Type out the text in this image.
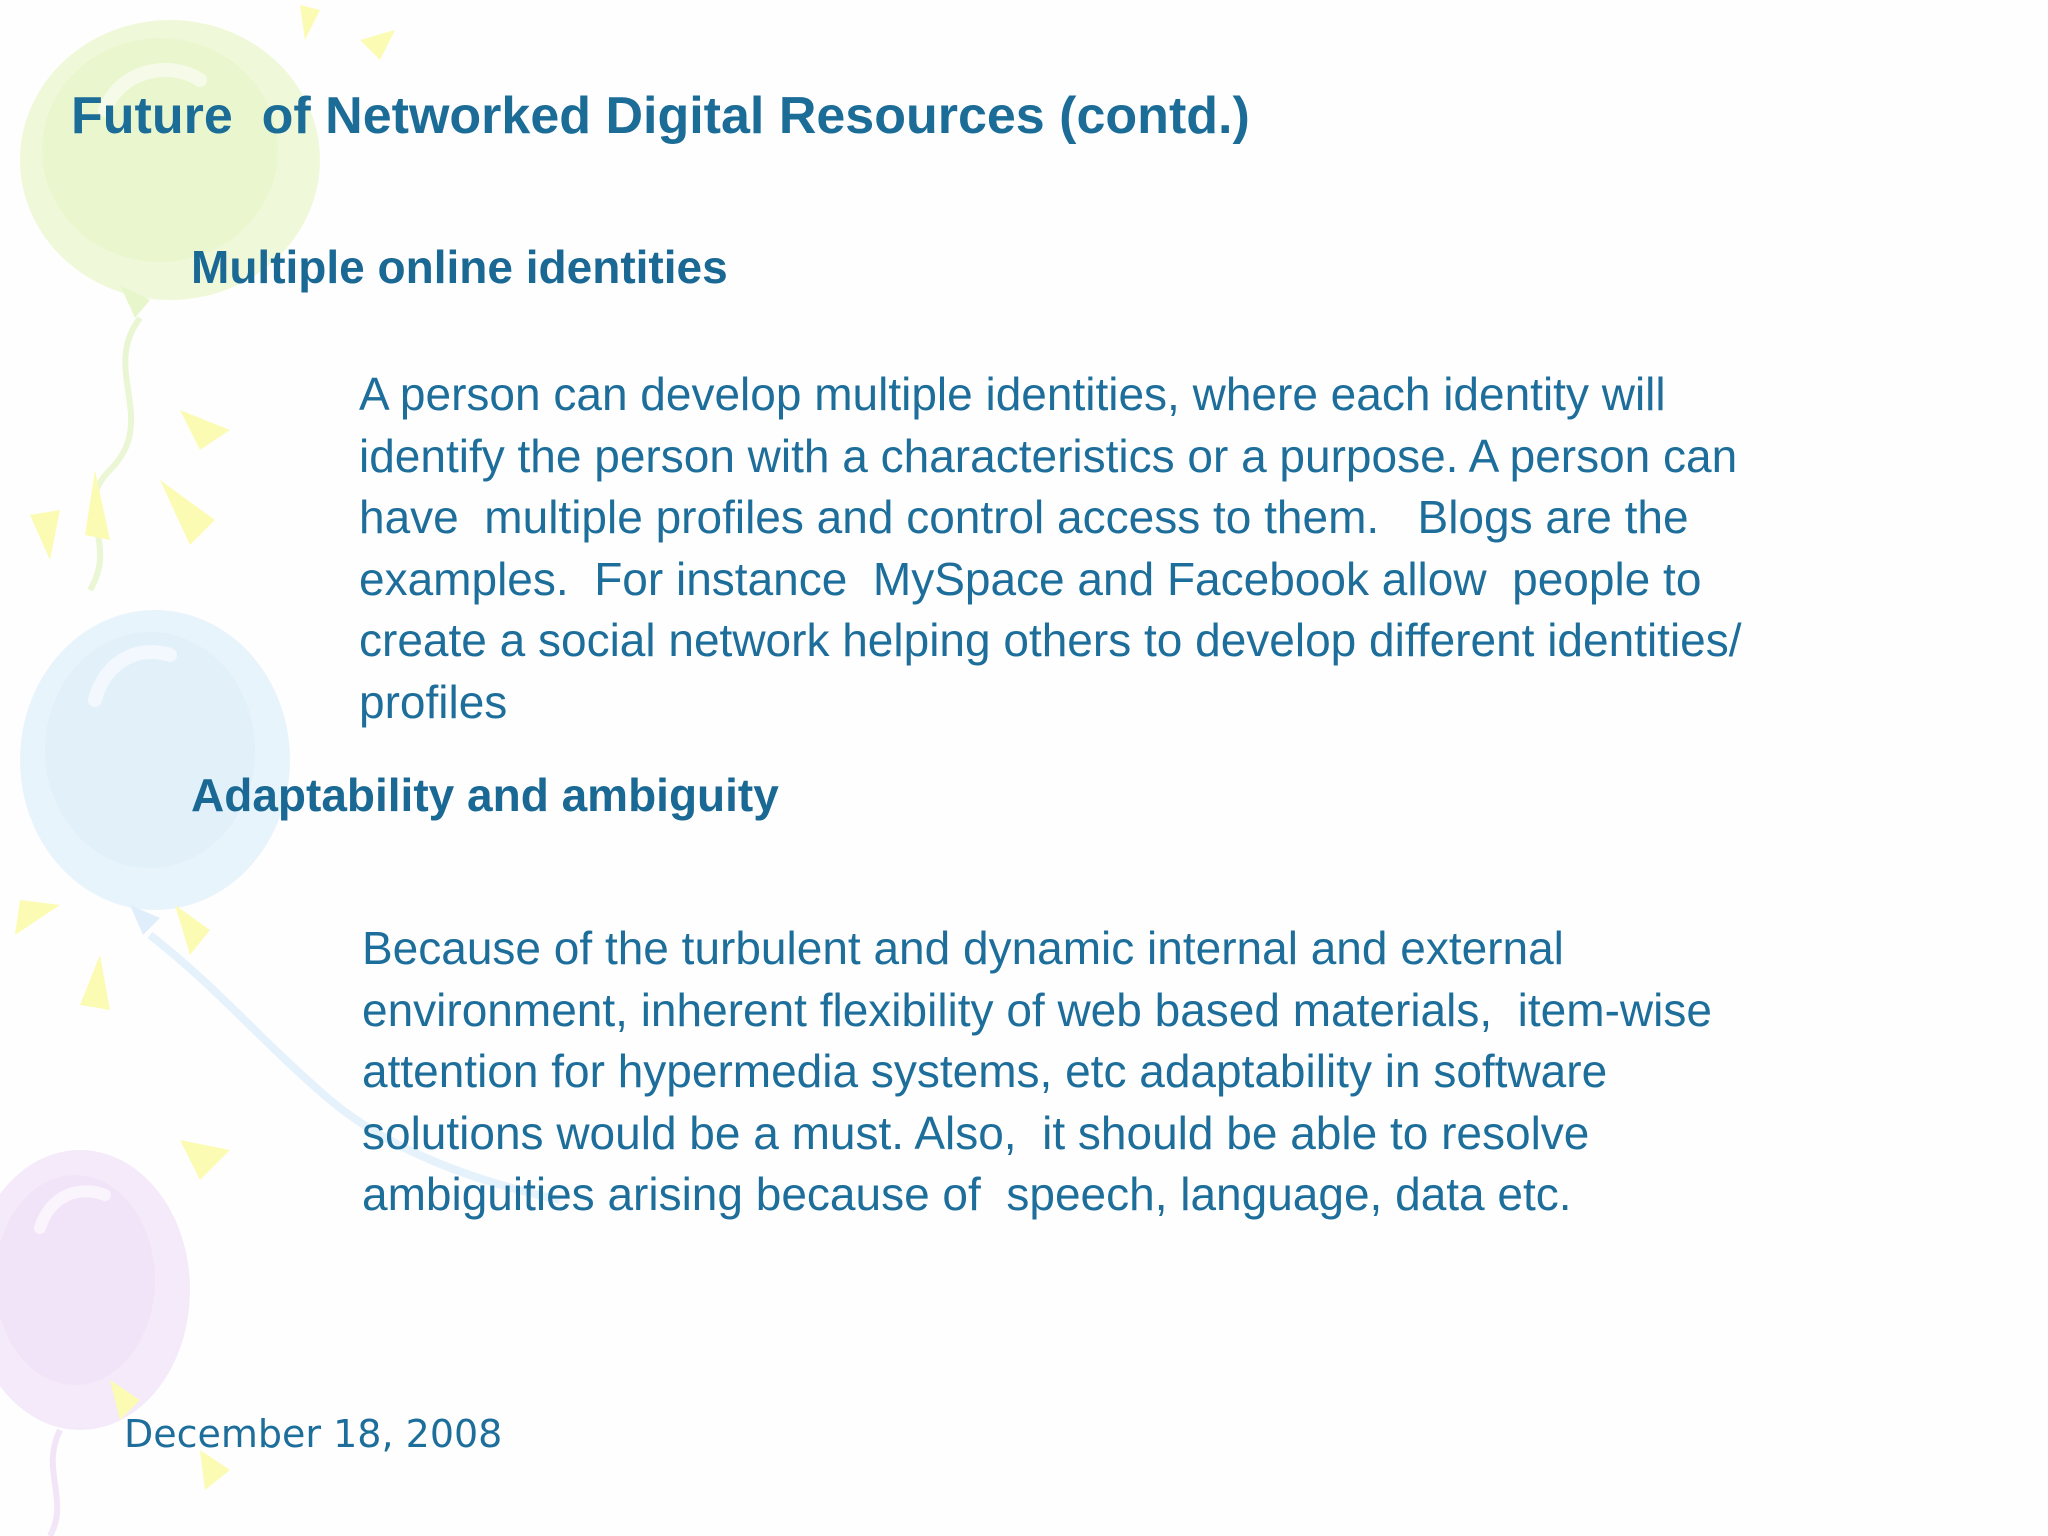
Future  of Networked Digital Resources (contd.)
Multiple online identities

A person can develop multiple identities, where each identity will
identify the person with a characteristics or a purpose. A person can
have  multiple profiles and control access to them.   Blogs are the
examples.  For instance  MySpace and Facebook allow  people to
create a social network helping others to develop different identities/
profiles

Adaptability and ambiguity

Because of the turbulent and dynamic internal and external
environment, inherent flexibility of web based materials,  item-wise
attention for hypermedia systems, etc adaptability in software
solutions would be a must. Also,  it should be able to resolve
ambiguities arising because of  speech, language, data etc.

December 18, 2008
